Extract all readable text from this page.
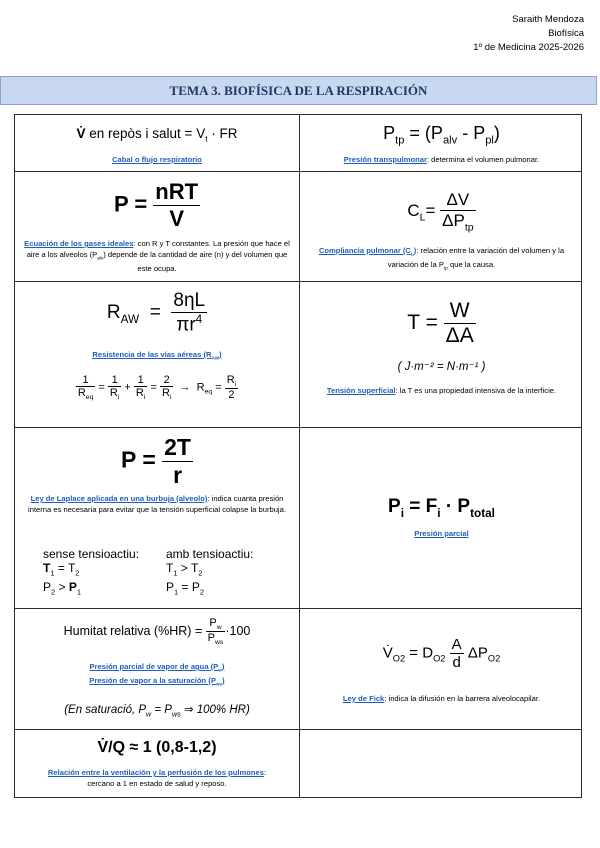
Saraith Mendoza
Biofísica
1º de Medicina 2025-2026
TEMA 3. BIOFÍSICA DE LA RESPIRACIÓN
V̇ en repòs i salut = $V_t$ · FR
Cabal o flujo respiratorio
$P_{tp} = (P_{alv} - P_{pl})$
Presión transpulmonar: determina el volumen pulmonar.
$P = \frac{\text{nRT}}{V}$
Ecuación de los gases ideales: con R y T constantes. La presión que hace el aire a los alveolos $(P_{alv})$ depende de la cantidad de aire (n) y del volumen que este ocupa.
$C_L= \frac{\Delta V}{\Delta P_{tp}}$
Compliancia pulmonar $(C_L)$: relación entre la variación del volumen y la variación de la $P_{tp}$ que la causa.
$R_{AW} = \frac{8\eta L}{\pi r^4}$
Resistencia de las vías aéreas $(R_{AW})$
$\frac{1}{R_{eq}} = \frac{1}{R_i} + \frac{1}{R_i} = \frac{2}{R_i} \to R_{eq} = \frac{R_i}{2}$
$T = \frac{W}{\Delta A}$
( J·m⁻² = N·m⁻¹ )
Tensión superficial: la T es una propiedad intensiva de la interficie.
$P = \frac{2T}{r}$
Ley de Laplace aplicada en una burbuja (alveolo): indica cuanta presión interna es necesaria para evitar que la tensión superficial colapse la burbuja.
sense tensioactiu:
$T_1 = T_2$
$P_2 > P_1$
amb tensioactiu:
$T_1 > T_2$
$P_1 = P_2$
$P_i = F_i \cdot P_{total}$
Presión parcial
Humitat relativa $(\%HR) = \frac{P_w}{P_{ws}} \cdot 100$
Presión parcial de vapor de agua $(P_w)$
Presión de vapor a la saturación $(P_{ws})$
(En saturació, $P_w = P_{ws}$ ⇒ 100% HR)
$V̇_{O2} = D_{O2} \frac{A}{d} \Delta P_{O2}$
Ley de Fick: indica la difusión en la barrera alveolocapilar.
V̇/Q ≈ 1 (0,8-1,2)
Relación entre la ventilación y la perfusión de los pulmones:
cercano a 1 en estado de salud y reposo.
